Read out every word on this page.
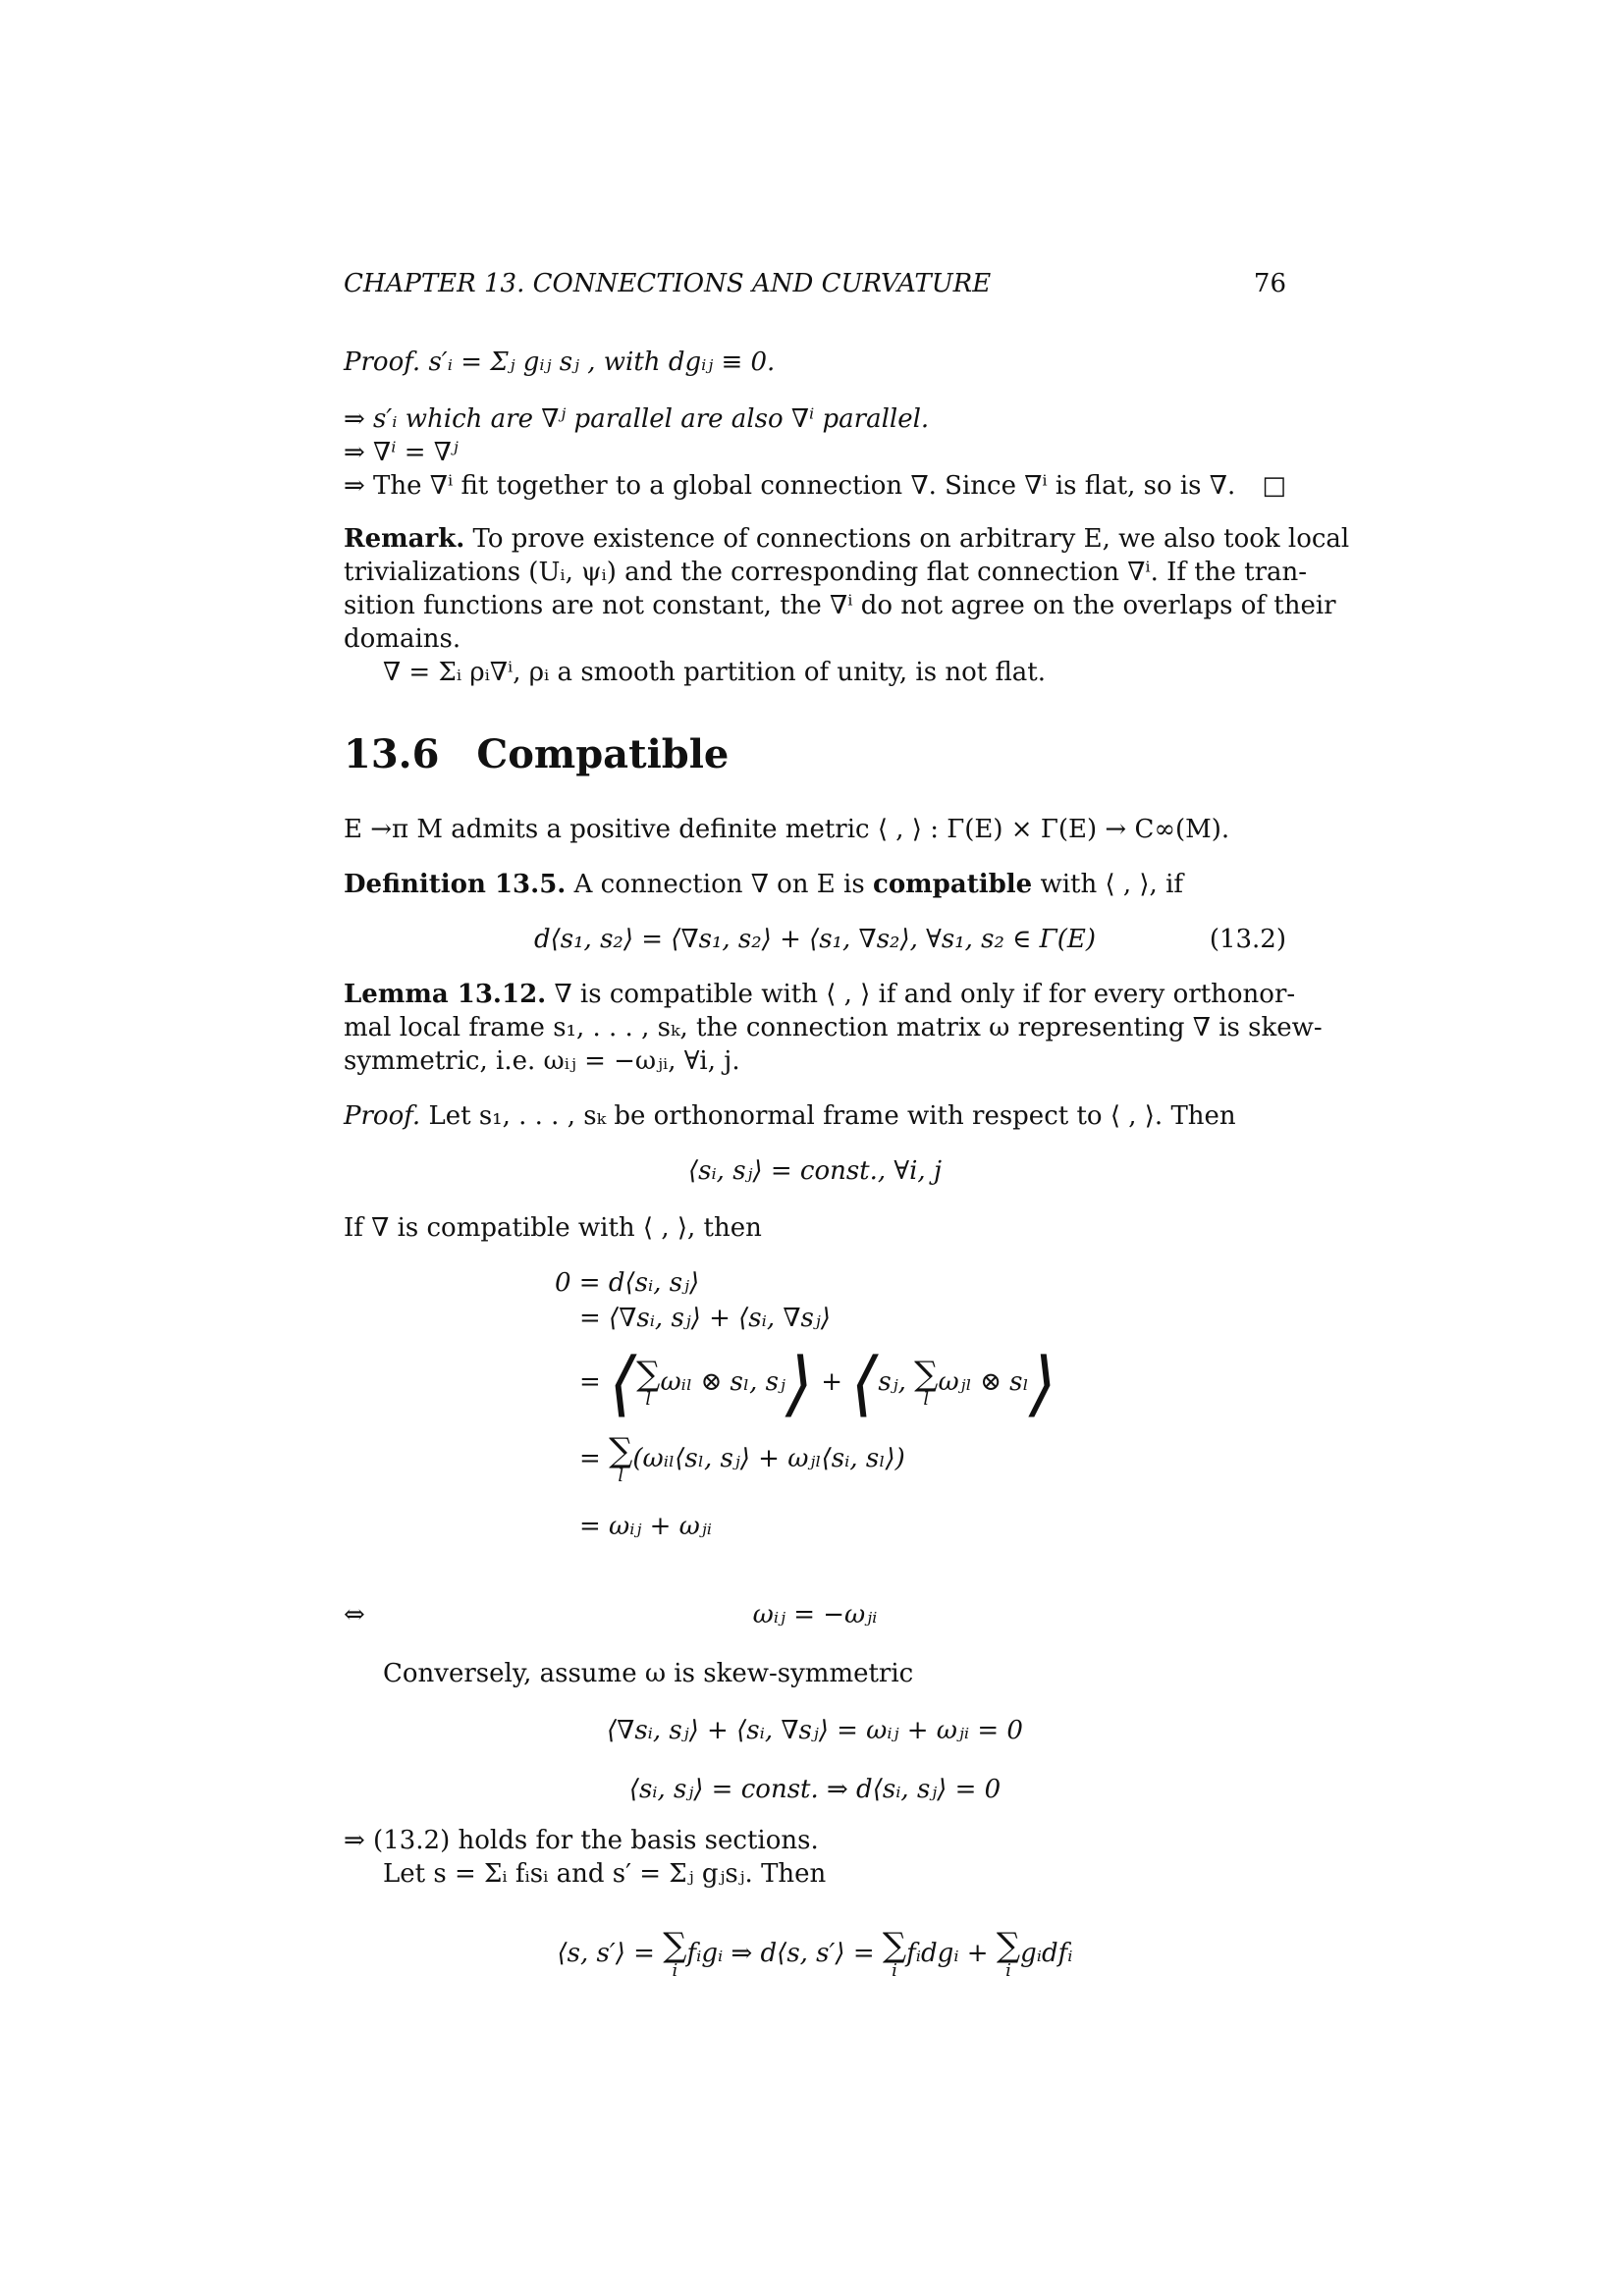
CHAPTER 13. CONNECTIONS AND CURVATURE	76
Proof. s′ᵢ = Σⱼ gᵢⱼ sⱼ , with dgᵢⱼ ≡ 0.
⇒ s′ᵢ which are ∇ʲ parallel are also ∇ⁱ parallel.
⇒ ∇ⁱ = ∇ʲ
⇒ The ∇ⁱ fit together to a global connection ∇. Since ∇ⁱ is flat, so is ∇. □
Remark. To prove existence of connections on arbitrary E, we also took local
trivializations (Uᵢ, ψᵢ) and the corresponding flat connection ∇ⁱ. If the tran-
sition functions are not constant, the ∇ⁱ do not agree on the overlaps of their
domains.
∇ = Σᵢ ρᵢ∇ⁱ, ρᵢ a smooth partition of unity, is not flat.
13.6 Compatible
E →π M admits a positive definite metric ⟨ , ⟩ : Γ(E) × Γ(E) → C∞(M).
Definition 13.5. A connection ∇ on E is compatible with ⟨ , ⟩, if
d⟨s₁, s₂⟩ = ⟨∇s₁, s₂⟩ + ⟨s₁, ∇s₂⟩, ∀s₁, s₂ ∈ Γ(E)	(13.2)
Lemma 13.12. ∇ is compatible with ⟨ , ⟩ if and only if for every orthonor-
mal local frame s₁, . . . , sₖ, the connection matrix ω representing ∇ is skew-
symmetric, i.e. ωᵢⱼ = −ωⱼᵢ, ∀i, j.
Proof. Let s₁, . . . , sₖ be orthonormal frame with respect to ⟨ , ⟩. Then
⟨sᵢ, sⱼ⟩ = const., ∀i, j
If ∇ is compatible with ⟨ , ⟩, then
0 = d⟨sᵢ, sⱼ⟩
= ⟨∇sᵢ, sⱼ⟩ + ⟨sᵢ, ∇sⱼ⟩
= ⟨ ∑
l
ωᵢₗ ⊗ sₗ, sⱼ⟩ + ⟨sⱼ, ∑
l
ωⱼₗ ⊗ sₗ⟩
= ∑
l
(ωᵢₗ⟨sₗ, sⱼ⟩ + ωⱼₗ⟨sᵢ, sₗ⟩)
= ωᵢⱼ + ωⱼᵢ
⇔	ωᵢⱼ = −ωⱼᵢ
Conversely, assume ω is skew-symmetric
⟨∇sᵢ, sⱼ⟩ + ⟨sᵢ, ∇sⱼ⟩ = ωᵢⱼ + ωⱼᵢ = 0
⟨sᵢ, sⱼ⟩ = const. ⇒ d⟨sᵢ, sⱼ⟩ = 0
⇒ (13.2) holds for the basis sections.
Let s = Σᵢ fᵢsᵢ and s′ = Σⱼ gⱼsⱼ. Then
⟨s, s′⟩ = ∑
i
fᵢgᵢ ⇒ d⟨s, s′⟩ = ∑
i
fᵢdgᵢ + ∑
i
gᵢdfᵢ
